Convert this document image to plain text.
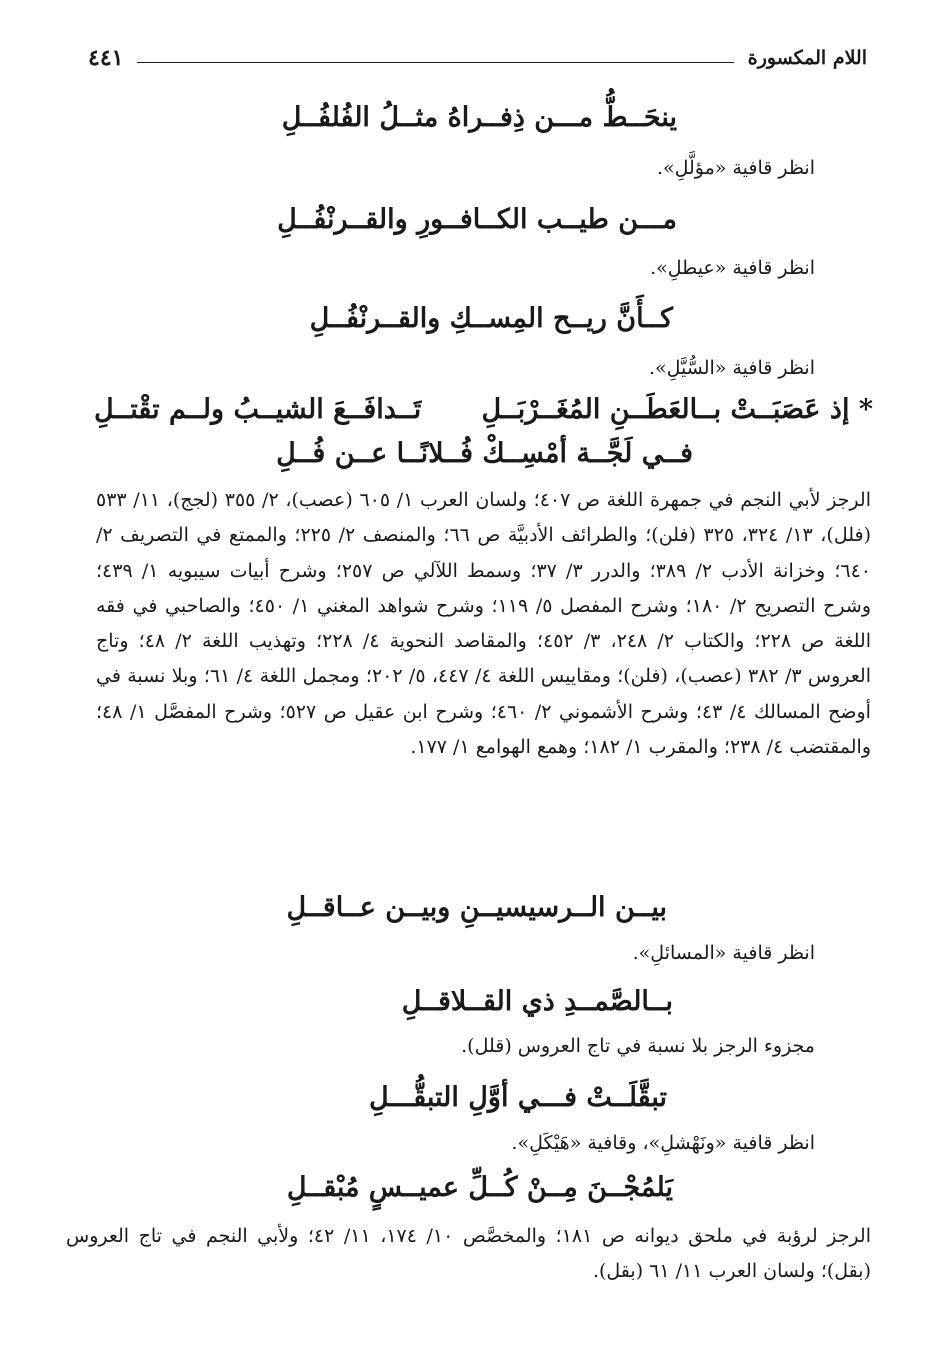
اللام المكسورة
٤٤١
ينحَــطُّ مـــن ذِفــراهُ مثــلُ الفُلفُــلِ
انظر قافية «مؤلَّلِ».
مـــن طيــب الكــافــورِ والقــرنْفُــلِ
انظر قافية «عيطلِ».
كــأَنَّ ريــح المِســكِ والقــرنْفُــلِ
انظر قافية «السُّيَّلِ».
* إذ عَصَبَــتْ بــالعَطَــنِ المُغَــرْبَــلِ
تَــدافَــعَ الشيــبُ ولــم تقْتــلِ
فــي لَجَّــة أمْسِــكْ فُــلانًــا عــن فُــلِ
الرجز لأبي النجم في جمهرة اللغة ص ٤٠٧؛ ولسان العرب ١/ ٦٠٥ (عصب)، ٢/ ٣٥٥ (لجج)، ١١/ ٥٣٣ (فلل)، ١٣/ ٣٢٤، ٣٢٥ (فلن)؛ والطرائف الأدبيَّة ص ٦٦؛ والمنصف ٢/ ٢٢٥؛ والممتع في التصريف ٢/ ٦٤٠؛ وخزانة الأدب ٢/ ٣٨٩؛ والدرر ٣/ ٣٧؛ وسمط اللآلي ص ٢٥٧؛ وشرح أبيات سيبويه ١/ ٤٣٩؛ وشرح التصريح ٢/ ١٨٠؛ وشرح المفصل ٥/ ١١٩؛ وشرح شواهد المغني ١/ ٤٥٠؛ والصاحبي في فقه اللغة ص ٢٢٨؛ والكتاب ٢/ ٢٤٨، ٣/ ٤٥٢؛ والمقاصد النحوية ٤/ ٢٢٨؛ وتهذيب اللغة ٢/ ٤٨؛ وتاج العروس ٣/ ٣٨٢ (عصب)، (فلن)؛ ومقاييس اللغة ٤/ ٤٤٧، ٥/ ٢٠٢؛ ومجمل اللغة ٤/ ٦١؛ وبلا نسبة في أوضح المسالك ٤/ ٤٣؛ وشرح الأشموني ٢/ ٤٦٠؛ وشرح ابن عقيل ص ٥٢٧؛ وشرح المفصَّل ١/ ٤٨؛ والمقتضب ٤/ ٢٣٨؛ والمقرب ١/ ١٨٢؛ وهمع الهوامع ١/ ١٧٧.
بيــن الــرسيسيــنِ وبيــن عــاقــلِ
انظر قافية «المسائلِ».
بــالصَّمــدِ ذي القــلاقــلِ
مجزوء الرجز بلا نسبة في تاج العروس (قلل).
تبقَّلَــتْ فـــي أوَّلِ التبقُّـــلِ
انظر قافية «ونَهْشلِ»، وقافية «هَيْكَلِ».
يَلمُجْــنَ مِــنْ كُــلِّ عميــسٍ مُبْقــلِ
الرجز لرؤبة في ملحق ديوانه ص ١٨١؛ والمخصَّص ١٠/ ١٧٤، ١١/ ٤٢؛ ولأبي النجم في تاج العروس (بقل)؛ ولسان العرب ١١/ ٦١ (بقل).
